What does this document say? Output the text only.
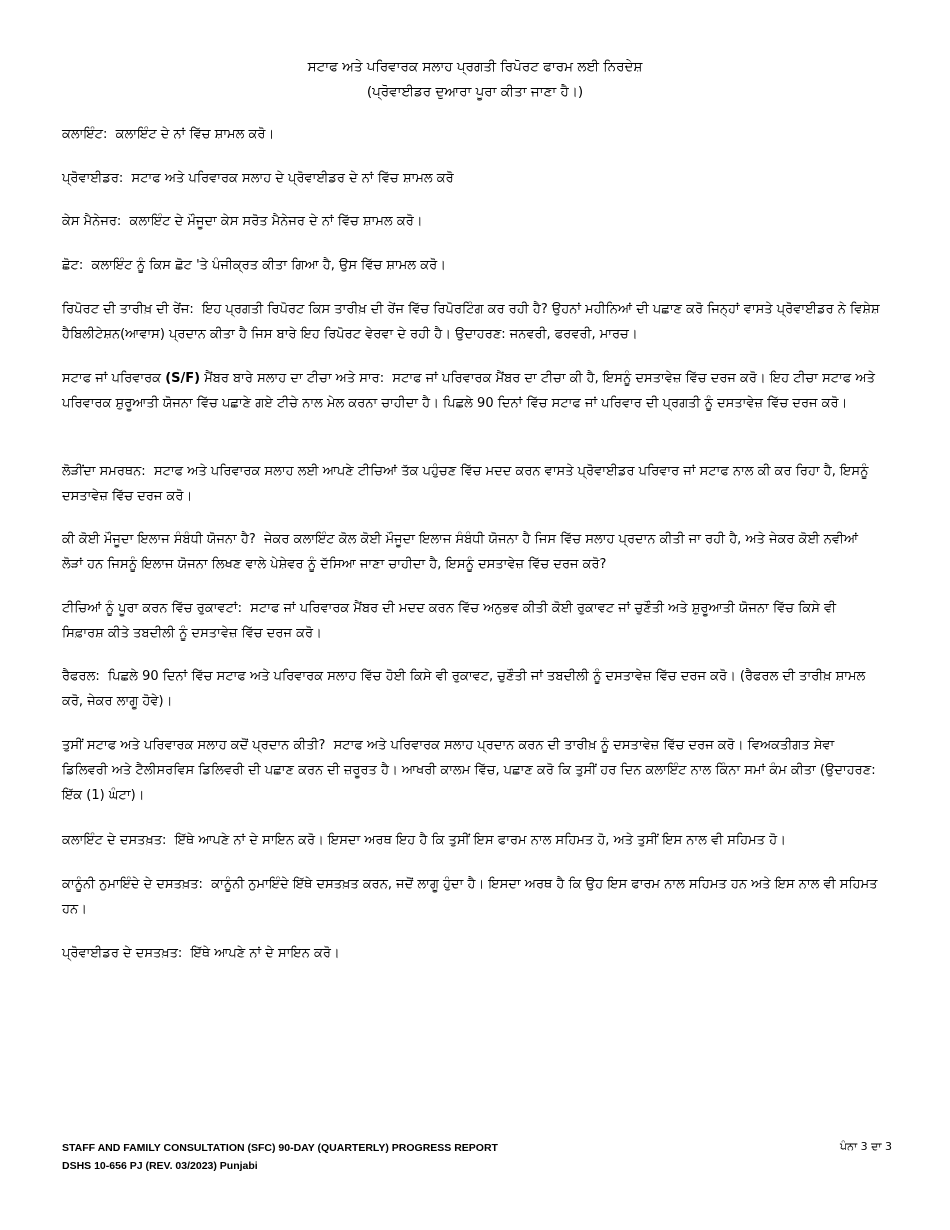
ਸਟਾਫ ਅਤੇ ਪਰਿਵਾਰਕ ਸਲਾਹ ਪ੍ਰਗਤੀ ਰਿਪੋਰਟ ਫਾਰਮ ਲਈ ਨਿਰਦੇਸ਼
(ਪ੍ਰੋਵਾਈਡਰ ਦੁਆਰਾ ਪੂਰਾ ਕੀਤਾ ਜਾਣਾ ਹੈ।)

ਕਲਾਇੰਟ: ਕਲਾਇੰਟ ਦੇ ਨਾਂ ਵਿੱਚ ਸ਼ਾਮਲ ਕਰੋ।

ਪ੍ਰੋਵਾਈਡਰ: ਸਟਾਫ ਅਤੇ ਪਰਿਵਾਰਕ ਸਲਾਹ ਦੇ ਪ੍ਰੋਵਾਈਡਰ ਦੇ ਨਾਂ ਵਿੱਚ ਸ਼ਾਮਲ ਕਰੋ

ਕੇਸ ਮੈਨੇਜਰ: ਕਲਾਇੰਟ ਦੇ ਮੌਜੂਦਾ ਕੇਸ ਸਰੋਤ ਮੈਨੇਜਰ ਦੇ ਨਾਂ ਵਿੱਚ ਸ਼ਾਮਲ ਕਰੋ।

ਛੋਟ: ਕਲਾਇੰਟ ਨੂੰ ਕਿਸ ਛੋਟ 'ਤੇ ਪੰਜੀਕ੍ਰਤ ਕੀਤਾ ਗਿਆ ਹੈ, ਉਸ ਵਿੱਚ ਸ਼ਾਮਲ ਕਰੋ।

ਰਿਪੋਰਟ ਦੀ ਤਾਰੀਖ਼ ਦੀ ਰੇਂਜ: ਇਹ ਪ੍ਰਗਤੀ ਰਿਪੋਰਟ ਕਿਸ ਤਾਰੀਖ਼ ਦੀ ਰੇਂਜ ਵਿੱਚ ਰਿਪੋਰਟਿੰਗ ਕਰ ਰਹੀ ਹੈ? ਉਹਨਾਂ ਮਹੀਨਿਆਂ ਦੀ ਪਛਾਣ ਕਰੋ ਜਿਨ੍ਹਾਂ ਵਾਸਤੇ ਪ੍ਰੋਵਾਈਡਰ ਨੇ ਵਿਸ਼ੇਸ਼ ਹੈਬਿਲੀਟੇਸ਼ਨ(ਆਵਾਸ) ਪ੍ਰਦਾਨ ਕੀਤਾ ਹੈ ਜਿਸ ਬਾਰੇ ਇਹ ਰਿਪੋਰਟ ਵੇਰਵਾ ਦੇ ਰਹੀ ਹੈ। ਉਦਾਹਰਣ: ਜਨਵਰੀ, ਫਰਵਰੀ, ਮਾਰਚ।

ਸਟਾਫ ਜਾਂ ਪਰਿਵਾਰਕ (S/F) ਮੈਂਬਰ ਬਾਰੇ ਸਲਾਹ ਦਾ ਟੀਚਾ ਅਤੇ ਸਾਰ: ਸਟਾਫ ਜਾਂ ਪਰਿਵਾਰਕ ਮੈਂਬਰ ਦਾ ਟੀਚਾ ਕੀ ਹੈ, ਇਸਨੂੰ ਦਸਤਾਵੇਜ਼ ਵਿੱਚ ਦਰਜ ਕਰੋ। ਇਹ ਟੀਚਾ ਸਟਾਫ ਅਤੇ ਪਰਿਵਾਰਕ ਸ਼ੁਰੂਆਤੀ ਯੋਜਨਾ ਵਿੱਚ ਪਛਾਣੇ ਗਏ ਟੀਚੇ ਨਾਲ ਮੇਲ ਕਰਨਾ ਚਾਹੀਦਾ ਹੈ। ਪਿਛਲੇ 90 ਦਿਨਾਂ ਵਿੱਚ ਸਟਾਫ ਜਾਂ ਪਰਿਵਾਰ ਦੀ ਪ੍ਰਗਤੀ ਨੂੰ ਦਸਤਾਵੇਜ਼ ਵਿੱਚ ਦਰਜ ਕਰੋ।

ਲੋੜੀਂਦਾ ਸਮਰਥਨ: ਸਟਾਫ ਅਤੇ ਪਰਿਵਾਰਕ ਸਲਾਹ ਲਈ ਆਪਣੇ ਟੀਚਿਆਂ ਤੱਕ ਪਹੁੰਚਣ ਵਿੱਚ ਮਦਦ ਕਰਨ ਵਾਸਤੇ ਪ੍ਰੋਵਾਈਡਰ ਪਰਿਵਾਰ ਜਾਂ ਸਟਾਫ ਨਾਲ ਕੀ ਕਰ ਰਿਹਾ ਹੈ, ਇਸਨੂੰ ਦਸਤਾਵੇਜ਼ ਵਿੱਚ ਦਰਜ ਕਰੋ।

ਕੀ ਕੋਈ ਮੌਜੂਦਾ ਇਲਾਜ ਸੰਬੰਧੀ ਯੋਜਨਾ ਹੈ? ਜੇਕਰ ਕਲਾਇੰਟ ਕੋਲ ਕੋਈ ਮੌਜੂਦਾ ਇਲਾਜ ਸੰਬੰਧੀ ਯੋਜਨਾ ਹੈ ਜਿਸ ਵਿੱਚ ਸਲਾਹ ਪ੍ਰਦਾਨ ਕੀਤੀ ਜਾ ਰਹੀ ਹੈ, ਅਤੇ ਜੇਕਰ ਕੋਈ ਨਵੀਆਂ ਲੋੜਾਂ ਹਨ ਜਿਸਨੂੰ ਇਲਾਜ ਯੋਜਨਾ ਲਿਖਣ ਵਾਲੇ ਪੇਸ਼ੇਵਰ ਨੂੰ ਦੱਸਿਆ ਜਾਣਾ ਚਾਹੀਦਾ ਹੈ, ਇਸਨੂੰ ਦਸਤਾਵੇਜ਼ ਵਿੱਚ ਦਰਜ ਕਰੋ?

ਟੀਚਿਆਂ ਨੂੰ ਪੂਰਾ ਕਰਨ ਵਿੱਚ ਰੁਕਾਵਟਾਂ: ਸਟਾਫ ਜਾਂ ਪਰਿਵਾਰਕ ਮੈਂਬਰ ਦੀ ਮਦਦ ਕਰਨ ਵਿੱਚ ਅਨੁਭਵ ਕੀਤੀ ਕੋਈ ਰੁਕਾਵਟ ਜਾਂ ਚੁਣੌਤੀ ਅਤੇ ਸ਼ੁਰੂਆਤੀ ਯੋਜਨਾ ਵਿੱਚ ਕਿਸੇ ਵੀ ਸਿਫ਼ਾਰਸ਼ ਕੀਤੇ ਤਬਦੀਲੀ ਨੂੰ ਦਸਤਾਵੇਜ਼ ਵਿੱਚ ਦਰਜ ਕਰੋ।

ਰੈਫਰਲ: ਪਿਛਲੇ 90 ਦਿਨਾਂ ਵਿੱਚ ਸਟਾਫ ਅਤੇ ਪਰਿਵਾਰਕ ਸਲਾਹ ਵਿੱਚ ਹੋਈ ਕਿਸੇ ਵੀ ਰੁਕਾਵਟ, ਚੁਣੌਤੀ ਜਾਂ ਤਬਦੀਲੀ ਨੂੰ ਦਸਤਾਵੇਜ਼ ਵਿੱਚ ਦਰਜ ਕਰੋ। (ਰੈਫਰਲ ਦੀ ਤਾਰੀਖ਼ ਸ਼ਾਮਲ ਕਰੋ, ਜੇਕਰ ਲਾਗੂ ਹੋਵੇ)।

ਤੁਸੀਂ ਸਟਾਫ ਅਤੇ ਪਰਿਵਾਰਕ ਸਲਾਹ ਕਦੋਂ ਪ੍ਰਦਾਨ ਕੀਤੀ? ਸਟਾਫ ਅਤੇ ਪਰਿਵਾਰਕ ਸਲਾਹ ਪ੍ਰਦਾਨ ਕਰਨ ਦੀ ਤਾਰੀਖ਼ ਨੂੰ ਦਸਤਾਵੇਜ਼ ਵਿੱਚ ਦਰਜ ਕਰੋ। ਵਿਅਕਤੀਗਤ ਸੇਵਾ ਡਿਲਿਵਰੀ ਅਤੇ ਟੈਲੀਸਰਵਿਸ ਡਿਲਿਵਰੀ ਦੀ ਪਛਾਣ ਕਰਨ ਦੀ ਜ਼ਰੂਰਤ ਹੈ। ਆਖਰੀ ਕਾਲਮ ਵਿੱਚ, ਪਛਾਣ ਕਰੋ ਕਿ ਤੁਸੀਂ ਹਰ ਦਿਨ ਕਲਾਇੰਟ ਨਾਲ ਕਿੰਨਾ ਸਮਾਂ ਕੰਮ ਕੀਤਾ (ਉਦਾਹਰਣ: ਇੱਕ (1) ਘੰਟਾ)।

ਕਲਾਇੰਟ ਦੇ ਦਸਤਖ਼ਤ: ਇੱਥੇ ਆਪਣੇ ਨਾਂ ਦੇ ਸਾਇਨ ਕਰੋ। ਇਸਦਾ ਅਰਥ ਇਹ ਹੈ ਕਿ ਤੁਸੀਂ ਇਸ ਫਾਰਮ ਨਾਲ ਸਹਿਮਤ ਹੋ, ਅਤੇ ਤੁਸੀਂ ਇਸ ਨਾਲ ਵੀ ਸਹਿਮਤ ਹੋ।

ਕਾਨੂੰਨੀ ਨੁਮਾਇੰਦੇ ਦੇ ਦਸਤਖ਼ਤ: ਕਾਨੂੰਨੀ ਨੁਮਾਇੰਦੇ ਇੱਥੇ ਦਸਤਖ਼ਤ ਕਰਨ, ਜਦੋਂ ਲਾਗੂ ਹੁੰਦਾ ਹੈ। ਇਸਦਾ ਅਰਥ ਹੈ ਕਿ ਉਹ ਇਸ ਫਾਰਮ ਨਾਲ ਸਹਿਮਤ ਹਨ ਅਤੇ ਇਸ ਨਾਲ ਵੀ ਸਹਿਮਤ ਹਨ।

ਪ੍ਰੋਵਾਈਡਰ ਦੇ ਦਸਤਖ਼ਤ: ਇੱਥੇ ਆਪਣੇ ਨਾਂ ਦੇ ਸਾਇਨ ਕਰੋ।

STAFF AND FAMILY CONSULTATION (SFC) 90-DAY (QUARTERLY) PROGRESS REPORT
DSHS 10-656 PJ (REV. 03/2023) Punjabi
ਪੰਨਾ 3 ਦਾ 3
